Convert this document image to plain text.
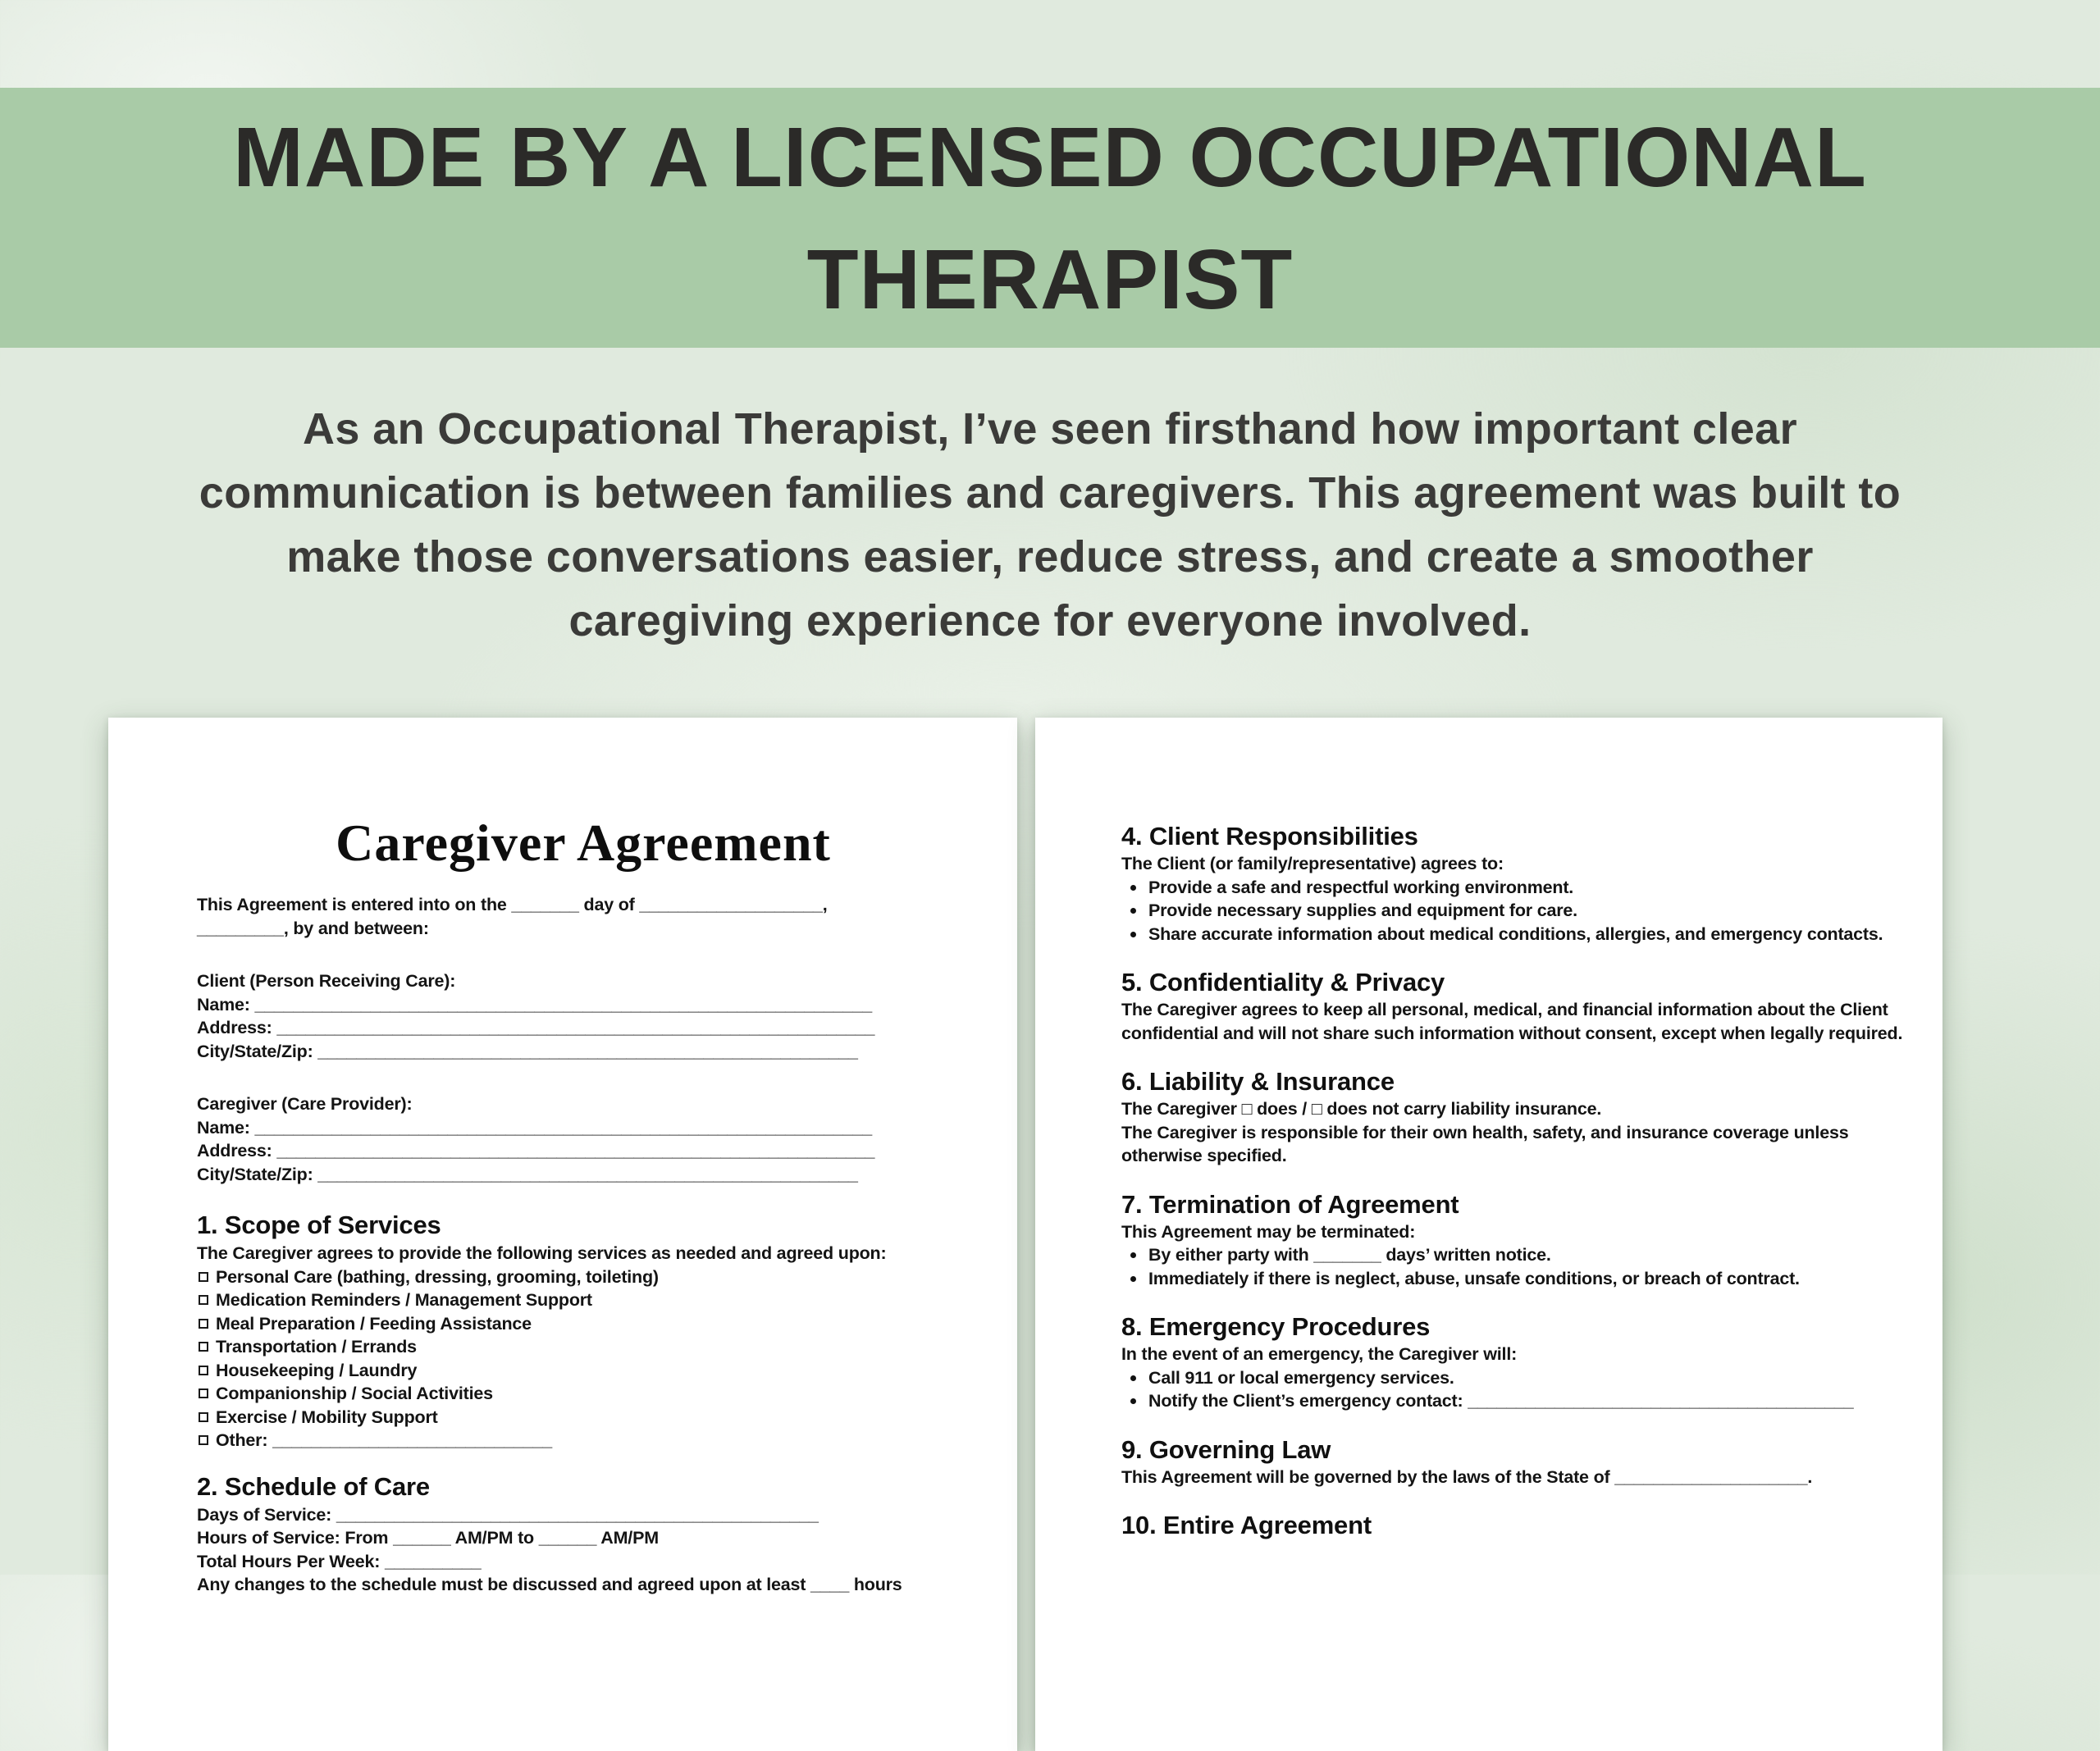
MADE BY A LICENSED OCCUPATIONAL
THERAPIST
As an Occupational Therapist, I’ve seen firsthand how important clear
communication is between families and caregivers. This agreement was built to
make those conversations easier, reduce stress, and create a smoother
caregiving experience for everyone involved.
Caregiver Agreement
This Agreement is entered into on the _______ day of ___________________,
_________, by and between:
Client (Person Receiving Care):
Name: ________________________________________________________________
Address: ______________________________________________________________
City/State/Zip: ________________________________________________________
Caregiver (Care Provider):
Name: ________________________________________________________________
Address: ______________________________________________________________
City/State/Zip: ________________________________________________________
1. Scope of Services
The Caregiver agrees to provide the following services as needed and agreed upon:
Personal Care (bathing, dressing, grooming, toileting)
Medication Reminders / Management Support
Meal Preparation / Feeding Assistance
Transportation / Errands
Housekeeping / Laundry
Companionship / Social Activities
Exercise / Mobility Support
Other: _____________________________
2. Schedule of Care
Days of Service: __________________________________________________
Hours of Service: From ______ AM/PM to ______ AM/PM
Total Hours Per Week: __________
Any changes to the schedule must be discussed and agreed upon at least ____ hours
4. Client Responsibilities
The Client (or family/representative) agrees to:
Provide a safe and respectful working environment.
Provide necessary supplies and equipment for care.
Share accurate information about medical conditions, allergies, and emergency contacts.
5. Confidentiality & Privacy
The Caregiver agrees to keep all personal, medical, and financial information about the Client confidential and will not share such information without consent, except when legally required.
6. Liability & Insurance
The Caregiver □ does / □ does not carry liability insurance.
The Caregiver is responsible for their own health, safety, and insurance coverage unless otherwise specified.
7. Termination of Agreement
This Agreement may be terminated:
By either party with _______ days’ written notice.
Immediately if there is neglect, abuse, unsafe conditions, or breach of contract.
8. Emergency Procedures
In the event of an emergency, the Caregiver will:
Call 911 or local emergency services.
Notify the Client’s emergency contact: ________________________________________
9. Governing Law
This Agreement will be governed by the laws of the State of ____________________.
10. Entire Agreement
